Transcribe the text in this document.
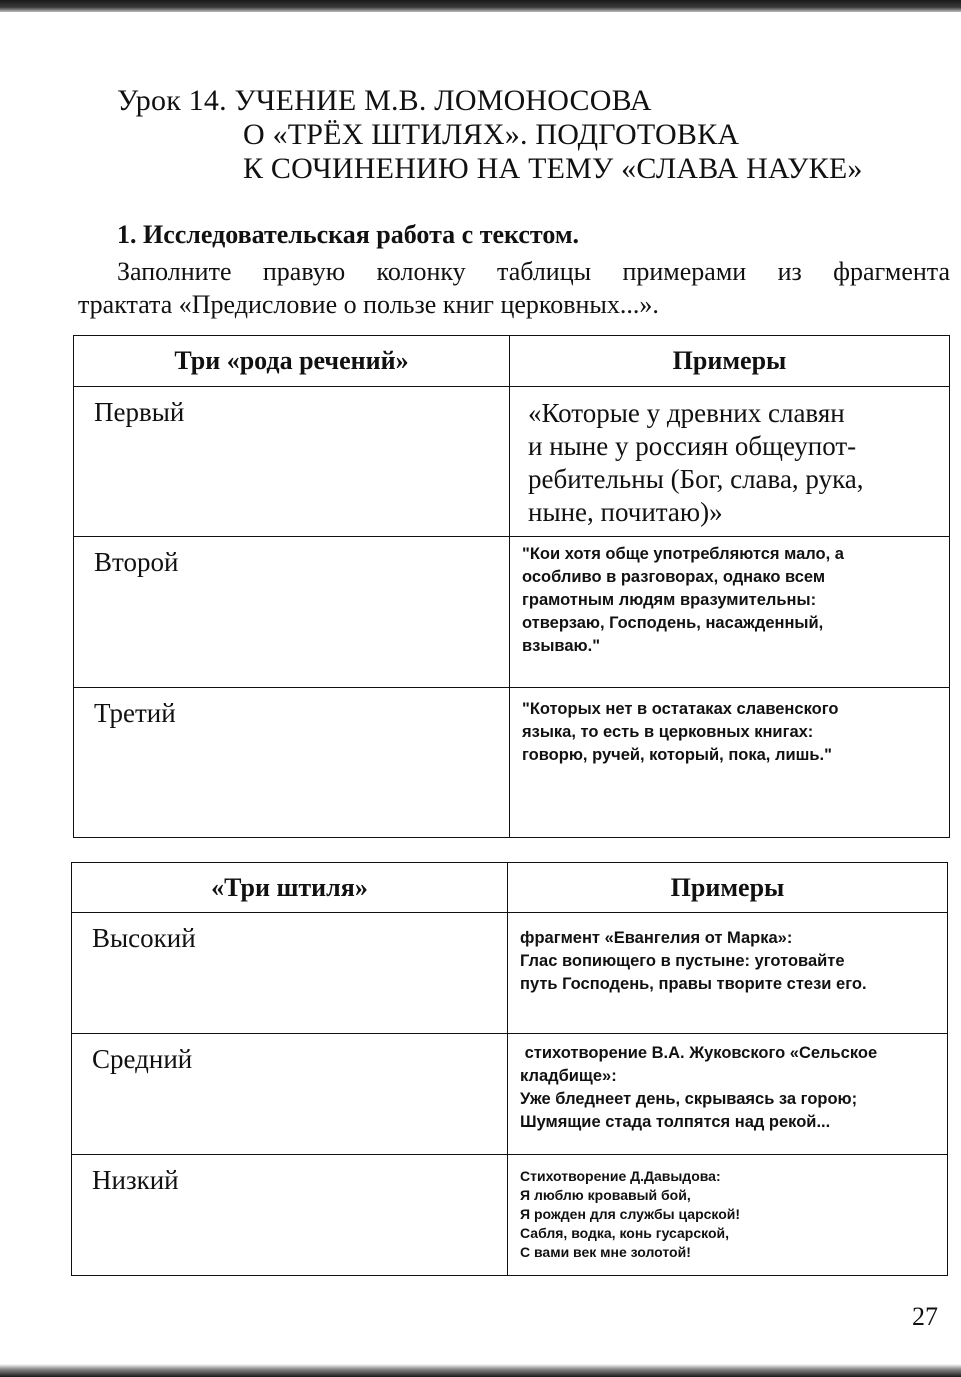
Урок 14. УЧЕНИЕ М.В. ЛОМОНОСОВА
О «ТРЁХ ШТИЛЯХ». ПОДГОТОВКА
К СОЧИНЕНИЮ НА ТЕМУ «СЛАВА НАУКЕ»
1. Исследовательская работа с текстом.
Заполните правую колонку таблицы примерами из фрагмента
трактата «Предисловие о пользе книг церковных...».
Три «рода речений»	Примеры
Первый	«Которые у древних славян
и ныне у россиян общеупот-
ребительны (Бог, слава, рука,
ныне, почитаю)»

Второй	"Кои хотя обще употребляются мало, а
особливо в разговорах, однако всем
грамотным людям вразумительны:
отверзаю, Господень, насажденный,
взываю."

Третий	"Которых нет в остатаках славенского
языка, то есть в церковных книгах:
говорю, ручей, который, пока, лишь."
«Три штиля»	Примеры
Высокий	фрагмент «Евангелия от Марка»:
Глас вопиющего в пустыне: уготовайте
путь Господень, правы творите стези его.

Средний	стихотворение В.А. Жуковского «Сельское
кладбище»:
Уже бледнеет день, скрываясь за горою;
Шумящие стада толпятся над рекой...

Низкий	Стихотворение Д.Давыдова:
Я люблю кровавый бой,
Я рожден для службы царской!
Сабля, водка, конь гусарской,
С вами век мне золотой!
27
